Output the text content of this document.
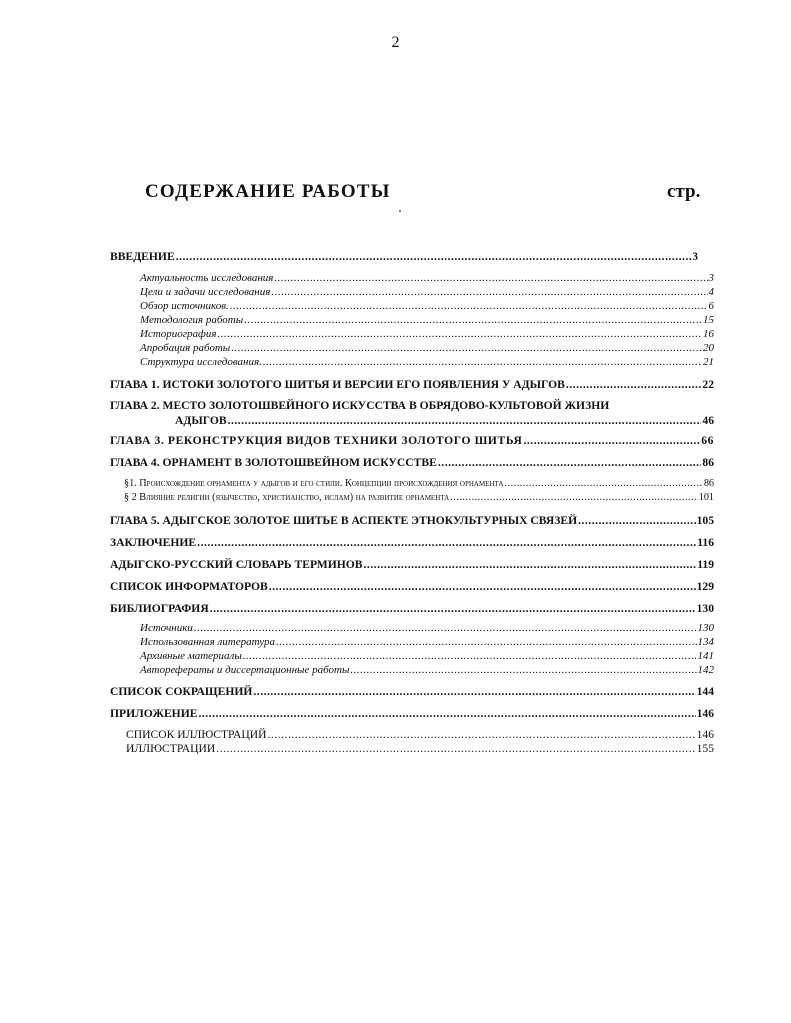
2
СОДЕРЖАНИЕ РАБОТЫ	стр.
ВВЕДЕНИЕ .....	3
Актуальность исследования .....	3
Цели и задачи исследования .....	4
Обзор источников. .....	6
Методология работы .....	15
Историография .....	16
Апробация работы .....	20
Структура исследования. .....	21
ГЛАВА 1. ИСТОКИ ЗОЛОТОГО ШИТЬЯ И ВЕРСИИ ЕГО ПОЯВЛЕНИЯ У АДЫГОВ .....	22
ГЛАВА 2. МЕСТО ЗОЛОТОШВЕЙНОГО ИСКУССТВА В ОБРЯДОВО-КУЛЬТОВОЙ ЖИЗНИ
АДЫГОВ .....	46
ГЛАВА 3. РЕКОНСТРУКЦИЯ ВИДОВ ТЕХНИКИ ЗОЛОТОГО ШИТЬЯ .....	66
ГЛАВА 4. ОРНАМЕНТ В ЗОЛОТОШВЕЙНОМ ИСКУССТВЕ .....	86
§1. Происхождение орнамента у адыгов и его стили. Концепции происхождения орнамента .....	86
§ 2 Влияние религии (язычество, христианство, ислам) на развитие орнамента .....	101
ГЛАВА 5. АДЫГСКОЕ ЗОЛОТОЕ ШИТЬЕ В АСПЕКТЕ ЭТНОКУЛЬТУРНЫХ СВЯЗЕЙ .....	105
ЗАКЛЮЧЕНИЕ .....	116
АДЫГСКО-РУССКИЙ СЛОВАРЬ ТЕРМИНОВ .....	119
СПИСОК ИНФОРМАТОРОВ .....	129
БИБЛИОГРАФИЯ .....	130
Источники .....	130
Использованная литература .....	134
Архивные материалы .....	141
Авторефераты и диссертационные работы .....	142
СПИСОК СОКРАЩЕНИЙ .....	144
ПРИЛОЖЕНИЕ .....	146
СПИСОК ИЛЛЮСТРАЦИЙ .....	146
ИЛЛЮСТРАЦИИ .....	155
